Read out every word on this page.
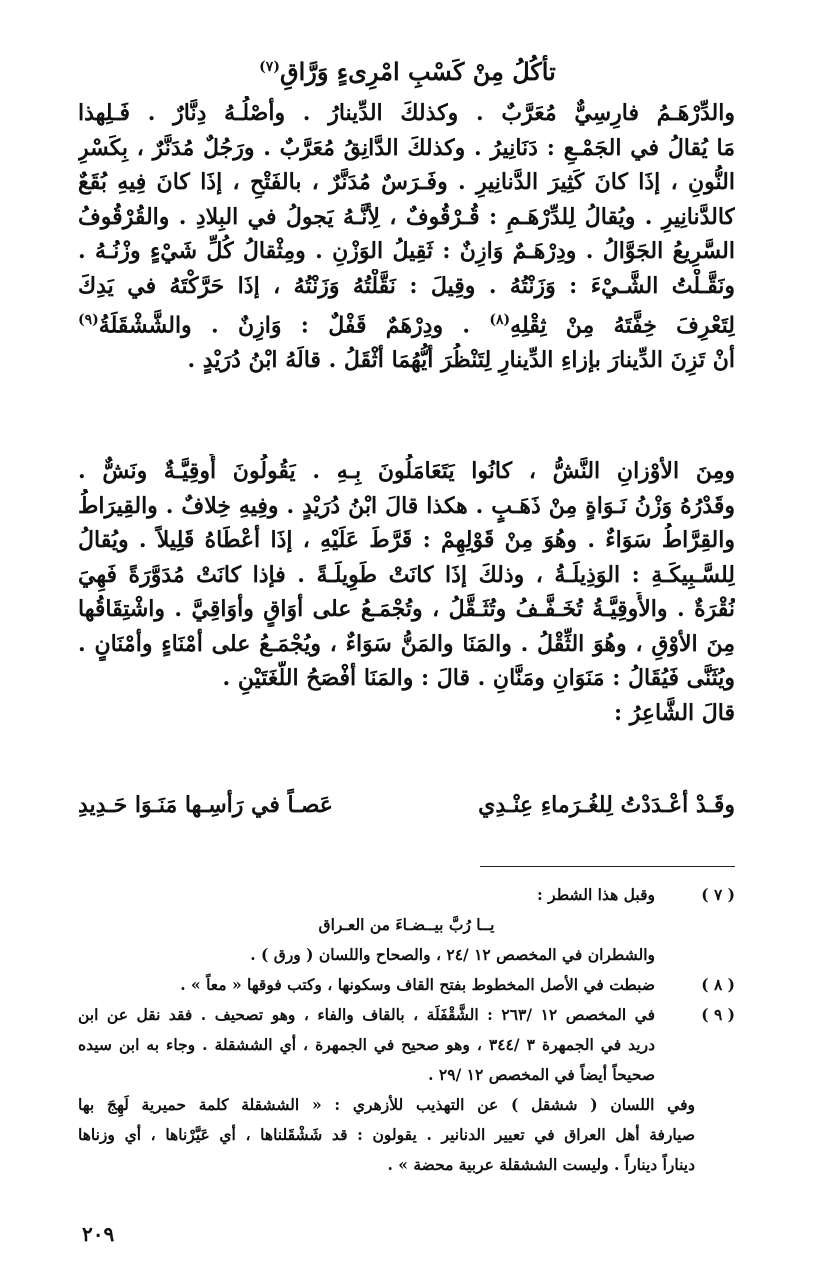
تأكُلُ مِنْ كَسْبِ امْرِىءٍ وَرَّاقِ$^{(٧)}$
والدِّرْهَـمُ فارِسِيٌّ مُعَرَّبٌ . وكذلكَ الدِّينارُ . وأصْلُـهُ دِنَّارٌ . فَـلِهذا
مَا يُقالُ في الجَمْـعِ : دَنَانِيرُ . وكذلكَ الدَّانِقُ مُعَرَّبٌ . ورَجُلٌ مُدَنَّرٌ ، بِكَسْرِ
النُّونِ ، إذَا كانَ كَثِيرَ الدَّنانِيرِ . وفَـرَسٌ مُدَنَّرٌ ، بالفَتْحِ ، إذَا كانَ فِيهِ بُقَعٌ
كالدَّنانِيرِ . ويُقالُ لِلدِّرْهَـمِ : قُـرْقُوفٌ ، لِأنَّـهُ يَجولُ في البِلادِ . والقُرْقُوفُ
السَّرِيعُ الجَوَّالُ . ودِرْهَـمٌ وَازِنٌ : ثَقِيلُ الوَزْنِ . ومِثْقالُ كُلِّ شَيْءٍ وزْنُـهُ .
ونَقَّـلْتُ الشَّـيْءَ : وَزَنْتُهُ . وقِيلَ : نَقَّلْتُهُ وَزَنْتُهُ ، إذَا حَرَّكْتَهُ في يَدِكَ
لِتَعْرِفَ خِفَّتَهُ مِنْ ثِقْلِهِ$^{(٨)}$ . ودِرْهَمٌ قَفْلٌ : وَازِنٌ . والشَّشْقَلَةُ$^{(٩)}$
أنْ تَزِنَ الدِّينارَ بإزاءِ الدِّينارِ لِتَنْظُرَ أيُّهُمَا أثْقَلُ . قالَهُ ابْنُ دُرَيْدٍ .
ومِنَ الأوْزانِ النَّشُّ ، كانُوا يَتَعَامَلُونَ بِـهِ . يَقُولُونَ أُوقِيَّـةٌ ونَشٌّ .
وقَدْرُهُ وَزْنُ نَـوَاةٍ مِنْ ذَهَـبٍ . هكذا قالَ ابْنُ دُرَيْدٍ . وفِيهِ خِلافٌ . والقِيرَاطُ
والقِرَّاطُ سَوَاءٌ . وهُوَ مِنْ قَوْلِهِمْ : قَرَّطَ عَلَيْهِ ، إذَا أعْطَاهُ قَلِيلاً . ويُقالُ
لِلسَّـبِيكَـةِ : الوَذِيلَـةُ ، وذلكَ إذَا كانَتْ طَوِيلَـةً . فإذا كانَتْ مُدَوَّرَةً فَهِيَ
نُقْرَةٌ . والأُوقِيَّـةُ تُخَـفَّـفُ وتُثَـقَّلُ ، وتُجْمَـعُ على أوَاقٍ وأوَاقِيَّ . واشْتِقَاقُها
مِنَ الأوْقِ ، وهُوَ الثِّقْلُ . والمَنَا والمَنُّ سَوَاءٌ ، ويُجْمَـعُ على أمْنَاءٍ وأمْنَانٍ .
ويُثَنَّى فَيُقَالُ : مَنَوَانِ ومَنَّانِ . قالَ : والمَنَا أفْصَحُ اللُّغَتَيْنِ .
قالَ الشَّاعِرُ :
وقَـدْ أعْـدَدْتُ لِلغُـرَماءِ عِنْـدِي
عَصـاً في رَأسِـها مَنَـوَا حَـدِيدِ
( ٧ )
وقبل هذا الشطر :
يــا رُبَّ بيــضـاءَ من العـراق
والشطران في المخصص ١٢ /٢٤ ، والصحاح واللسان ( ورق ) .
( ٨ )
ضبطت في الأصل المخطوط بفتح القاف وسكونها ، وكتب فوقها « معاً » .
( ٩ )
في المخصص ١٢ /٢٦٣ : الشَّقْفَلَة ، بالقاف والفاء ، وهو تصحيف . فقد نقل عن ابن
دريد في الجمهرة ٣ /٣٤٤ ، وهو صحيح في الجمهرة ، أي الششقلة . وجاء به ابن سيده
صحيحاً أيضاً في المخصص ١٢ /٢٩ .
وفي اللسان ( ششقل ) عن التهذيب للأزهري : « الششقلة كلمة حميرية لَهِجَ بها
صيارفة أهل العراق في تعيير الدنانير . يقولون : قد شَشْقَلناها ، أي عَيَّرْناها ، أي وزناها
ديناراً ديناراً . وليست الششقلة عربية محضة » .
٢٠٩
